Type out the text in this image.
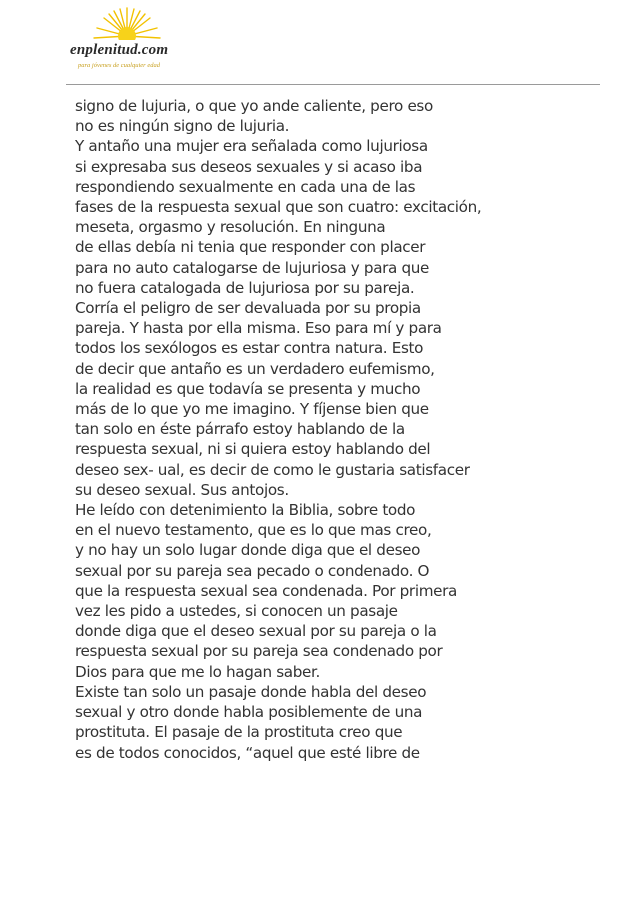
enplenitud.com
para jóvenes de cualquier edad
signo de lujuria, o que yo ande caliente, pero eso
no es ningún signo de lujuria.
Y antaño una mujer era señalada como lujuriosa
si expresaba sus deseos sexuales y si acaso iba
respondiendo sexualmente en cada una de las
fases de la respuesta sexual que son cuatro: excitación,
meseta, orgasmo y resolución. En ninguna
de ellas debía ni tenia que responder con placer
para no auto catalogarse de lujuriosa y para que
no fuera catalogada de lujuriosa por su pareja.
Corría el peligro de ser devaluada por su propia
pareja. Y hasta por ella misma. Eso para mí y para
todos los sexólogos es estar contra natura. Esto
de decir que antaño es un verdadero eufemismo,
la realidad es que todavía se presenta y mucho
más de lo que yo me imagino. Y fíjense bien que
tan solo en éste párrafo estoy hablando de la
respuesta sexual, ni si quiera estoy hablando del
deseo sex- ual, es decir de como le gustaria satisfacer
su deseo sexual. Sus antojos.
He leído con detenimiento la Biblia, sobre todo
en el nuevo testamento, que es lo que mas creo,
y no hay un solo lugar donde diga que el deseo
sexual por su pareja sea pecado o condenado. O
que la respuesta sexual sea condenada. Por primera
vez les pido a ustedes, si conocen un pasaje
donde diga que el deseo sexual por su pareja o la
respuesta sexual por su pareja sea condenado por
Dios para que me lo hagan saber.
Existe tan solo un pasaje donde habla del deseo
sexual y otro donde habla posiblemente de una
prostituta. El pasaje de la prostituta creo que
es de todos conocidos, “aquel que esté libre de
